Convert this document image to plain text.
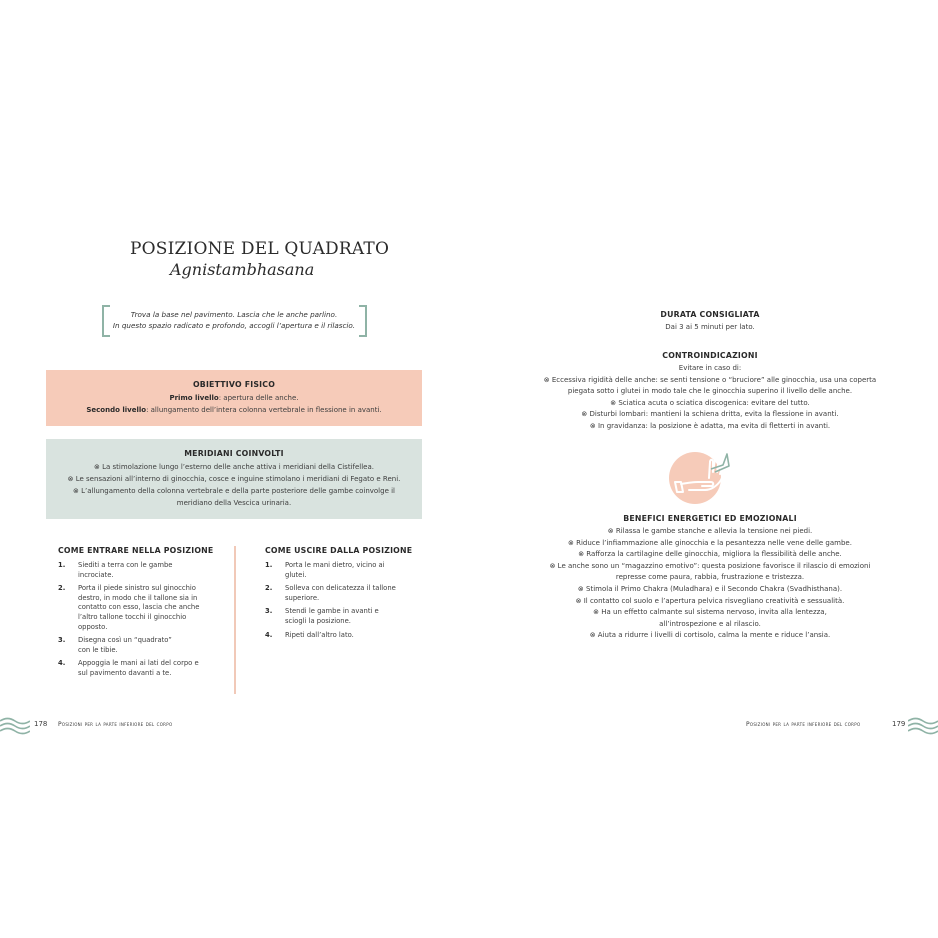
POSIZIONE DEL QUADRATO
Agnistambhasana
Trova la base nel pavimento. Lascia che le anche parlino.
In questo spazio radicato e profondo, accogli l’apertura e il rilascio.
OBIETTIVO FISICO
Primo livello: apertura delle anche.
Secondo livello: allungamento dell’intera colonna vertebrale in flessione in avanti.
MERIDIANI COINVOLTI
⊗ La stimolazione lungo l’esterno delle anche attiva i meridiani della Cistifellea.
⊗ Le sensazioni all’interno di ginocchia, cosce e inguine stimolano i meridiani di Fegato e Reni.
⊗ L’allungamento della colonna vertebrale e della parte posteriore delle gambe coinvolge il meridiano della Vescica urinaria.
COME ENTRARE NELLA POSIZIONE
1.	Siediti a terra con le gambe incrociate.
2.	Porta il piede sinistro sul ginocchio destro, in modo che il tallone sia in contatto con esso, lascia che anche l’altro tallone tocchi il ginocchio opposto.
3.	Disegna così un “quadrato” con le tibie.
4.	Appoggia le mani ai lati del corpo e sul pavimento davanti a te.
COME USCIRE DALLA POSIZIONE
1.	Porta le mani dietro, vicino ai glutei.
2.	Solleva con delicatezza il tallone superiore.
3.	Stendi le gambe in avanti e sciogli la posizione.
4.	Ripeti dall’altro lato.
DURATA CONSIGLIATA
Dai 3 ai 5 minuti per lato.
CONTROINDICAZIONI
Evitare in caso di:
⊗ Eccessiva rigidità delle anche: se senti tensione o “bruciore” alle ginocchia, usa una coperta piegata sotto i glutei in modo tale che le ginocchia superino il livello delle anche.
⊗ Sciatica acuta o sciatica discogenica: evitare del tutto.
⊗ Disturbi lombari: mantieni la schiena dritta, evita la flessione in avanti.
⊗ In gravidanza: la posizione è adatta, ma evita di fletterti in avanti.
BENEFICI ENERGETICI ED EMOZIONALI
⊗ Rilassa le gambe stanche e allevia la tensione nei piedi.
⊗ Riduce l’infiammazione alle ginocchia e la pesantezza nelle vene delle gambe.
⊗ Rafforza la cartilagine delle ginocchia, migliora la flessibilità delle anche.
⊗ Le anche sono un “magazzino emotivo”: questa posizione favorisce il rilascio di emozioni represse come paura, rabbia, frustrazione e tristezza.
⊗ Stimola il Primo Chakra (Muladhara) e il Secondo Chakra (Svadhisthana).
⊗ Il contatto col suolo e l’apertura pelvica risvegliano creatività e sessualità.
⊗ Ha un effetto calmante sul sistema nervoso, invita alla lentezza, all’introspezione e al rilascio.
⊗ Aiuta a ridurre i livelli di cortisolo, calma la mente e riduce l’ansia.
178 Posizioni per la parte inferiore del corpo	Posizioni per la parte inferiore del corpo	179
